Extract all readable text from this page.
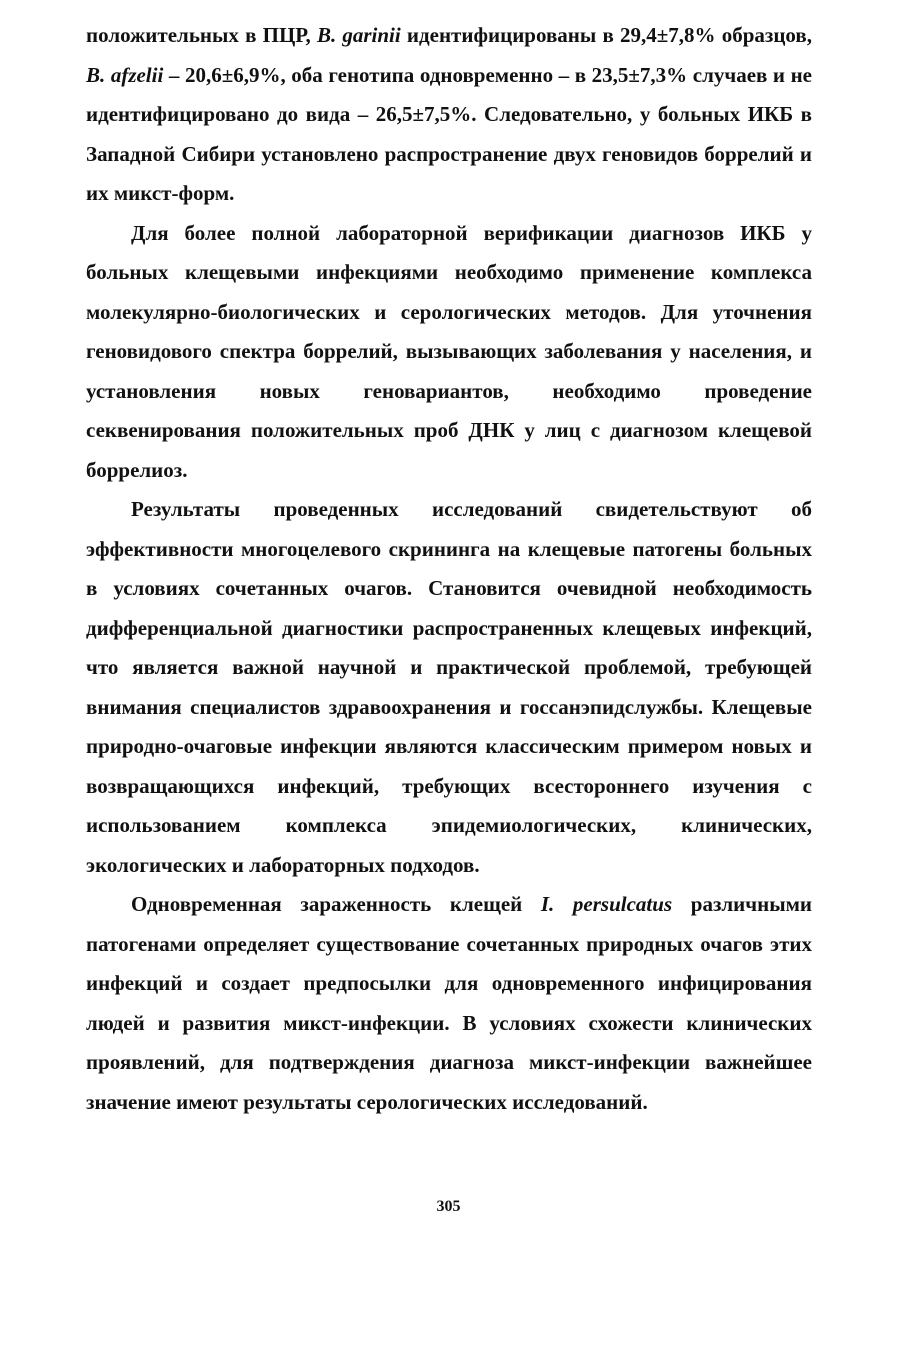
положительных в ПЦР, B. garinii идентифицированы в 29,4±7,8% образцов, B. afzelii – 20,6±6,9%, оба генотипа одновременно – в 23,5±7,3% случаев и не идентифицировано до вида – 26,5±7,5%. Следовательно, у больных ИКБ в Западной Сибири установлено распространение двух геновидов боррелий и их микст-форм.

Для более полной лабораторной верификации диагнозов ИКБ у больных клещевыми инфекциями необходимо применение комплекса молекулярно-биологических и серологических методов. Для уточнения геновидового спектра боррелий, вызывающих заболевания у населения, и установления новых геновариантов, необходимо проведение секвенирования положительных проб ДНК у лиц с диагнозом клещевой боррелиоз.

Результаты проведенных исследований свидетельствуют об эффективности многоцелевого скрининга на клещевые патогены больных в условиях сочетанных очагов. Становится очевидной необходимость дифференциальной диагностики распространенных клещевых инфекций, что является важной научной и практической проблемой, требующей внимания специалистов здравоохранения и госсанэпидслужбы. Клещевые природно-очаговые инфекции являются классическим примером новых и возвращающихся инфекций, требующих всестороннего изучения с использованием комплекса эпидемиологических, клинических, экологических и лабораторных подходов.

Одновременная зараженность клещей I. persulcatus различными патогенами определяет существование сочетанных природных очагов этих инфекций и создает предпосылки для одновременного инфицирования людей и развития микст-инфекции. В условиях схожести клинических проявлений, для подтверждения диагноза микст-инфекции важнейшее значение имеют результаты серологических исследований.

305
